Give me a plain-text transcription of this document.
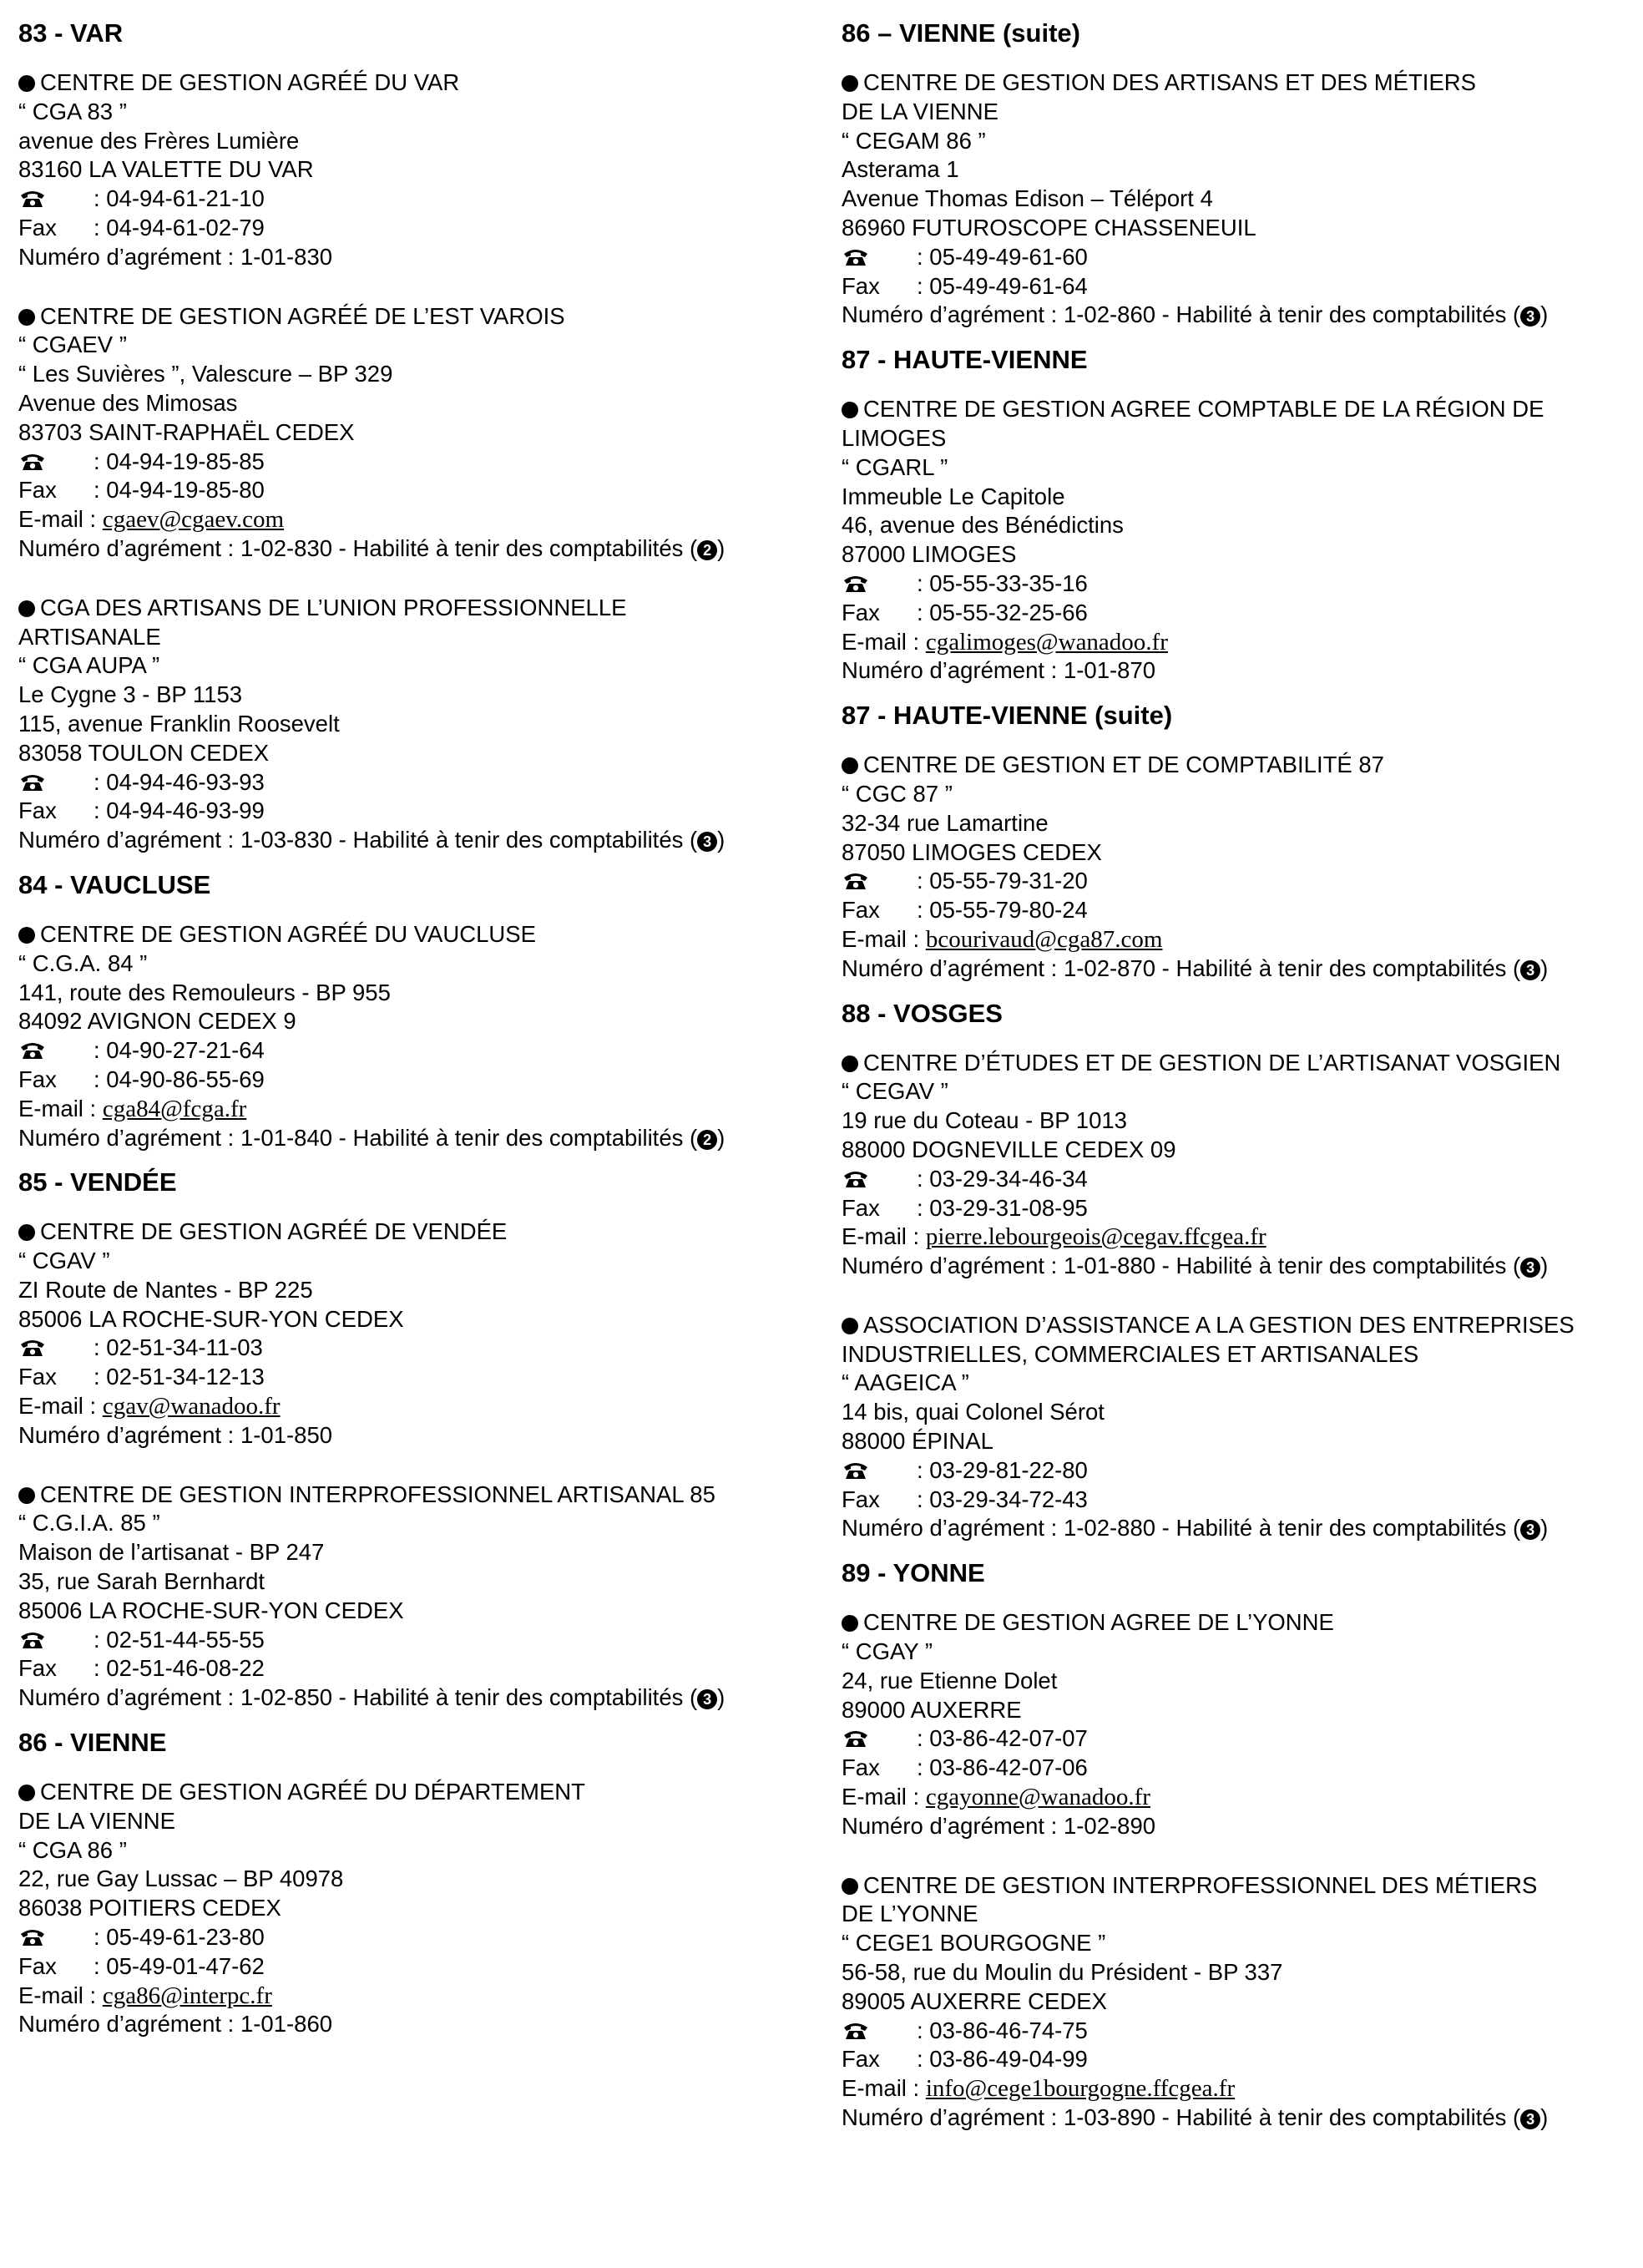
83 - VAR
CENTRE DE GESTION AGRÉÉ DU VAR
“ CGA 83 ”
avenue des Frères Lumière
83160 LA VALETTE DU VAR
: 04-94-61-21-10
Fax : 04-94-61-02-79
Numéro d’agrément : 1-01-830
CENTRE DE GESTION AGRÉÉ DE L’EST VAROIS
“ CGAEV ”
“ Les Suvières ”, Valescure – BP 329
Avenue des Mimosas
83703 SAINT-RAPHAËL CEDEX
: 04-94-19-85-85
Fax : 04-94-19-85-80
E-mail : cgaev@cgaev.com
Numéro d’agrément : 1-02-830 - Habilité à tenir des comptabilités ( 2 )
CGA DES ARTISANS DE L’UNION PROFESSIONNELLE
ARTISANALE
“ CGA AUPA ”
Le Cygne 3 - BP 1153
115, avenue Franklin Roosevelt
83058 TOULON CEDEX
: 04-94-46-93-93
Fax : 04-94-46-93-99
Numéro d’agrément : 1-03-830 - Habilité à tenir des comptabilités ( 3 )
84 - VAUCLUSE
CENTRE DE GESTION AGRÉÉ DU VAUCLUSE
“ C.G.A. 84 ”
141, route des Remouleurs - BP 955
84092 AVIGNON CEDEX 9
: 04-90-27-21-64
Fax : 04-90-86-55-69
E-mail : cga84@fcga.fr
Numéro d’agrément : 1-01-840 - Habilité à tenir des comptabilités ( 2 )
85 - VENDÉE
CENTRE DE GESTION AGRÉÉ DE VENDÉE
“ CGAV ”
ZI Route de Nantes - BP 225
85006 LA ROCHE-SUR-YON CEDEX
: 02-51-34-11-03
Fax : 02-51-34-12-13
E-mail : cgav@wanadoo.fr
Numéro d’agrément : 1-01-850
CENTRE DE GESTION INTERPROFESSIONNEL ARTISANAL 85
“ C.G.I.A. 85 ”
Maison de l’artisanat - BP 247
35, rue Sarah Bernhardt
85006 LA ROCHE-SUR-YON CEDEX
: 02-51-44-55-55
Fax : 02-51-46-08-22
Numéro d’agrément : 1-02-850 - Habilité à tenir des comptabilités ( 3 )
86 - VIENNE
CENTRE DE GESTION AGRÉÉ DU DÉPARTEMENT
DE LA VIENNE
“ CGA 86 ”
22, rue Gay Lussac – BP 40978
86038 POITIERS CEDEX
: 05-49-61-23-80
Fax : 05-49-01-47-62
E-mail : cga86@interpc.fr
Numéro d’agrément : 1-01-860
86 – VIENNE (suite)
CENTRE DE GESTION DES ARTISANS ET DES MÉTIERS
DE LA VIENNE
“ CEGAM 86 ”
Asterama 1
Avenue Thomas Edison – Téléport 4
86960 FUTUROSCOPE CHASSENEUIL
: 05-49-49-61-60
Fax : 05-49-49-61-64
Numéro d’agrément : 1-02-860 - Habilité à tenir des comptabilités ( 3 )
87 - HAUTE-VIENNE
CENTRE DE GESTION AGREE COMPTABLE DE LA RÉGION DE
LIMOGES
“ CGARL ”
Immeuble Le Capitole
46, avenue des Bénédictins
87000 LIMOGES
: 05-55-33-35-16
Fax : 05-55-32-25-66
E-mail : cgalimoges@wanadoo.fr
Numéro d’agrément : 1-01-870
87 - HAUTE-VIENNE (suite)
CENTRE DE GESTION ET DE COMPTABILITÉ 87
“ CGC 87 ”
32-34 rue Lamartine
87050 LIMOGES CEDEX
: 05-55-79-31-20
Fax : 05-55-79-80-24
E-mail : bcourivaud@cga87.com
Numéro d’agrément : 1-02-870 - Habilité à tenir des comptabilités ( 3 )
88 - VOSGES
CENTRE D’ÉTUDES ET DE GESTION DE L’ARTISANAT VOSGIEN
“ CEGAV ”
19 rue du Coteau - BP 1013
88000 DOGNEVILLE CEDEX 09
: 03-29-34-46-34
Fax : 03-29-31-08-95
E-mail : pierre.lebourgeois@cegav.ffcgea.fr
Numéro d’agrément : 1-01-880 - Habilité à tenir des comptabilités ( 3 )
ASSOCIATION D’ASSISTANCE A LA GESTION DES ENTREPRISES
INDUSTRIELLES, COMMERCIALES ET ARTISANALES
“ AAGEICA ”
14 bis, quai Colonel Sérot
88000 ÉPINAL
: 03-29-81-22-80
Fax : 03-29-34-72-43
Numéro d’agrément : 1-02-880 - Habilité à tenir des comptabilités ( 3 )
89 - YONNE
CENTRE DE GESTION AGREE DE L’YONNE
“ CGAY ”
24, rue Etienne Dolet
89000 AUXERRE
: 03-86-42-07-07
Fax : 03-86-42-07-06
E-mail : cgayonne@wanadoo.fr
Numéro d’agrément : 1-02-890
CENTRE DE GESTION INTERPROFESSIONNEL DES MÉTIERS
DE L’YONNE
“ CEGE1 BOURGOGNE ”
56-58, rue du Moulin du Président - BP 337
89005 AUXERRE CEDEX
: 03-86-46-74-75
Fax : 03-86-49-04-99
E-mail : info@cege1bourgogne.ffcgea.fr
Numéro d’agrément : 1-03-890 - Habilité à tenir des comptabilités ( 3 )
